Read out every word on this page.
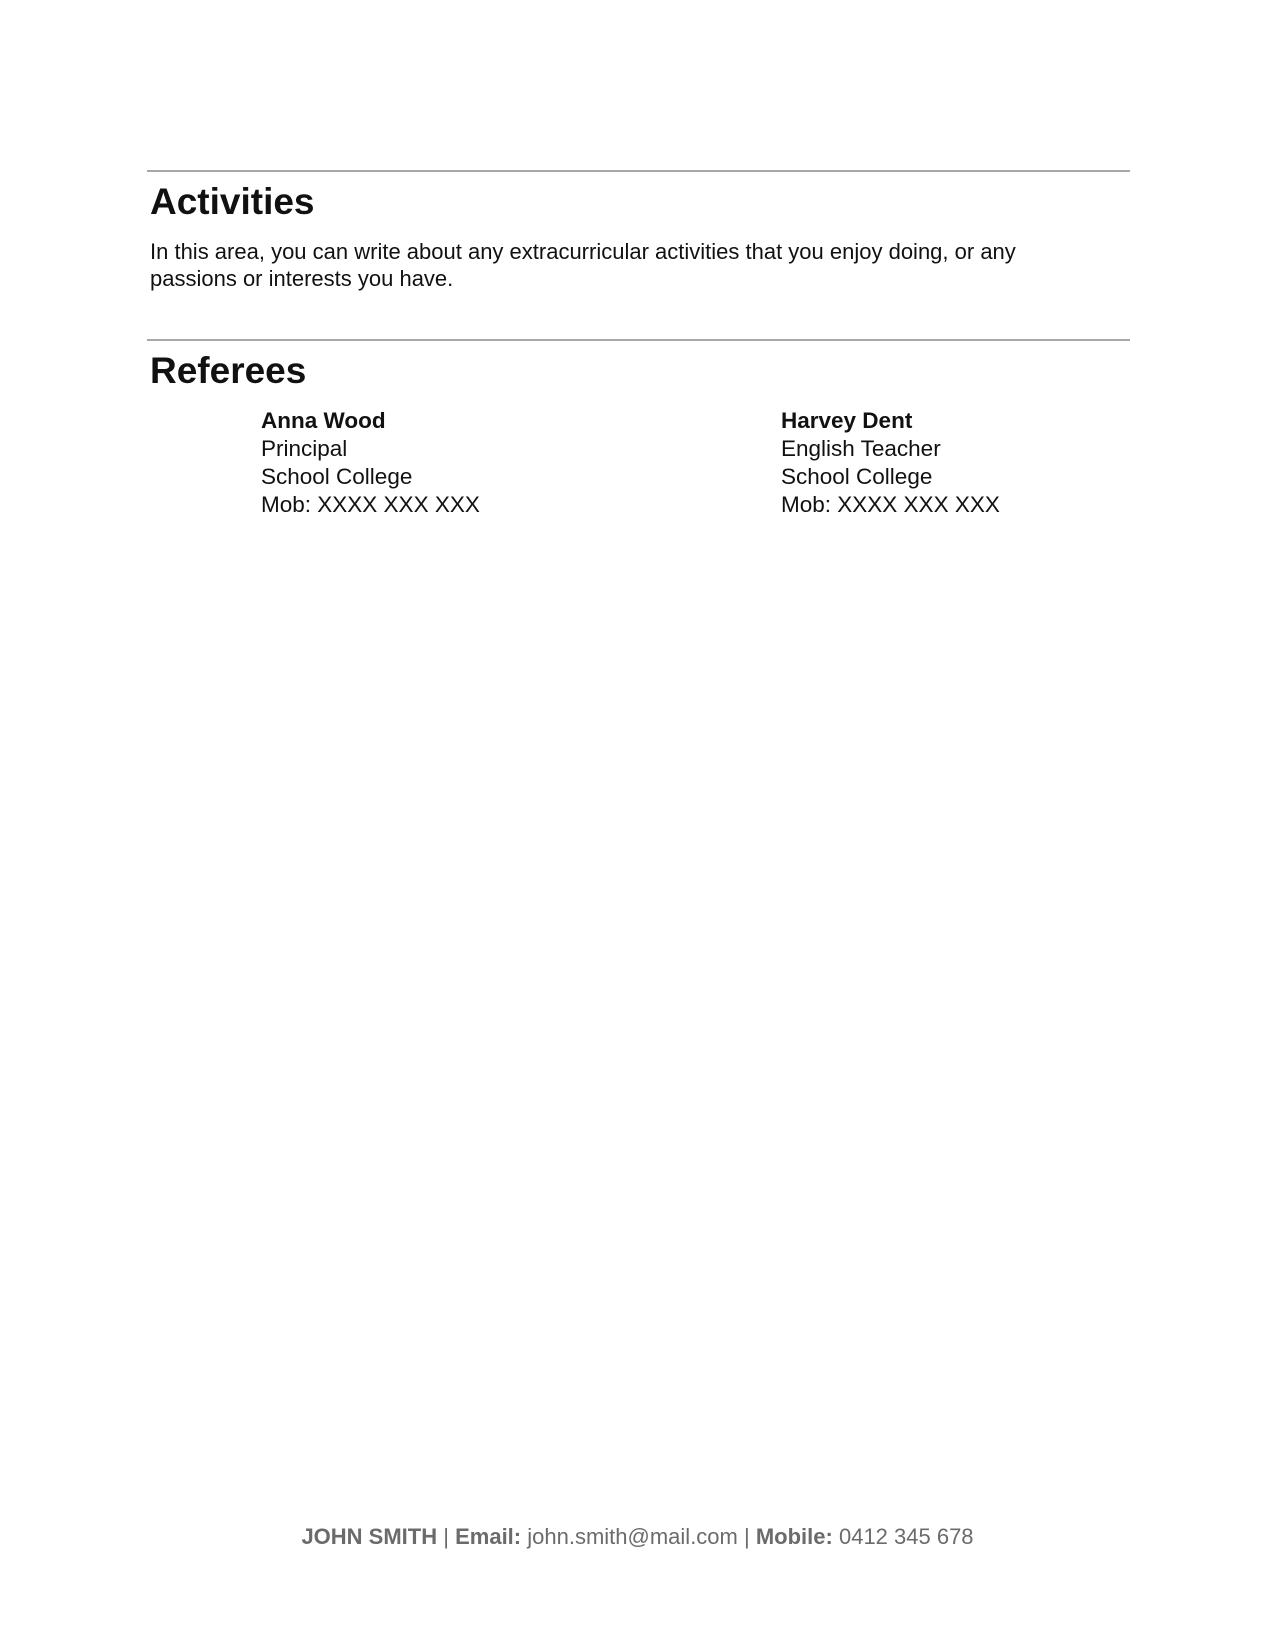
Activities

In this area, you can write about any extracurricular activities that you enjoy doing, or any passions or interests you have.

Referees
Anna Wood
Principal
School College
Mob: XXXX XXX XXX
Harvey Dent
English Teacher
School College
Mob: XXXX XXX XXX
JOHN SMITH | Email: john.smith@mail.com | Mobile: 0412 345 678
